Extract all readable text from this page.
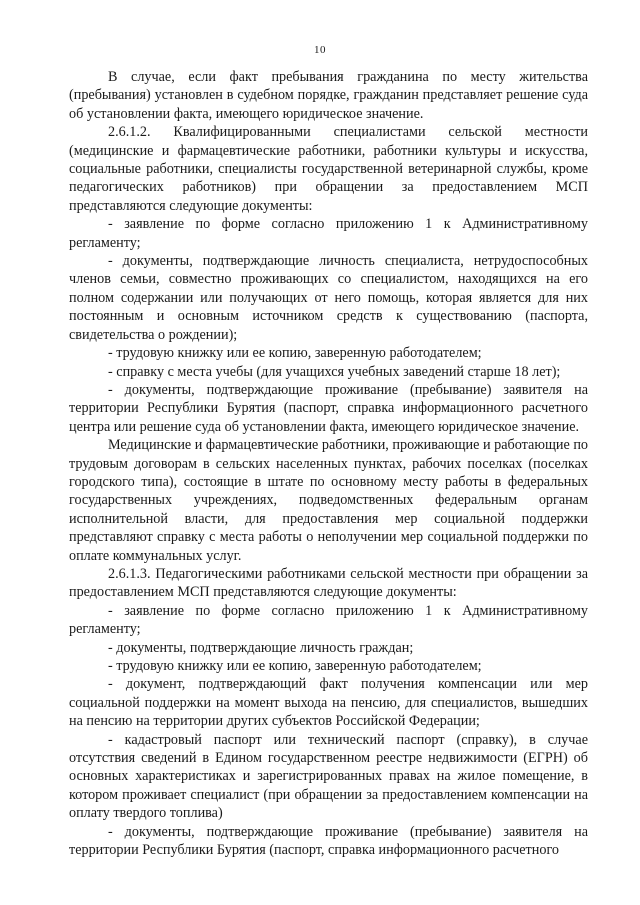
10

В случае, если факт пребывания гражданина по месту жительства (пребывания) установлен в судебном порядке, гражданин представляет решение суда об установлении факта, имеющего юридическое значение.

2.6.1.2. Квалифицированными специалистами сельской местности (медицинские и фармацевтические работники, работники культуры и искусства, социальные работники, специалисты государственной ветеринарной службы, кроме педагогических работников) при обращении за предоставлением МСП представляются следующие документы:

- заявление по форме согласно приложению 1 к Административному регламенту;

- документы, подтверждающие личность специалиста, нетрудоспособных членов семьи, совместно проживающих со специалистом, находящихся на его полном содержании или получающих от него помощь, которая является для них постоянным и основным источником средств к существованию (паспорта, свидетельства о рождении);

- трудовую книжку или ее копию, заверенную работодателем;

- справку с места учебы (для учащихся учебных заведений старше 18 лет);

- документы, подтверждающие проживание (пребывание) заявителя на территории Республики Бурятия (паспорт, справка информационного расчетного центра или решение суда об установлении факта, имеющего юридическое значение.

Медицинские и фармацевтические работники, проживающие и работающие по трудовым договорам в сельских населенных пунктах, рабочих поселках (поселках городского типа), состоящие в штате по основному месту работы в федеральных государственных учреждениях, подведомственных федеральным органам исполнительной власти, для предоставления мер социальной поддержки представляют справку с места работы о неполучении мер социальной поддержки по оплате коммунальных услуг.

2.6.1.3. Педагогическими работниками сельской местности при обращении за предоставлением МСП представляются следующие документы:

- заявление по форме согласно приложению 1 к Административному регламенту;

- документы, подтверждающие личность граждан;

- трудовую книжку или ее копию, заверенную работодателем;

- документ, подтверждающий факт получения компенсации или мер социальной поддержки на момент выхода на пенсию, для специалистов, вышедших на пенсию на территории других субъектов Российской Федерации;

- кадастровый паспорт или технический паспорт (справку), в случае отсутствия сведений в Едином государственном реестре недвижимости (ЕГРН) об основных характеристиках и зарегистрированных правах на жилое помещение, в котором проживает специалист (при обращении за предоставлением компенсации на оплату твердого топлива)

- документы, подтверждающие проживание (пребывание) заявителя на территории Республики Бурятия (паспорт, справка информационного расчетного
